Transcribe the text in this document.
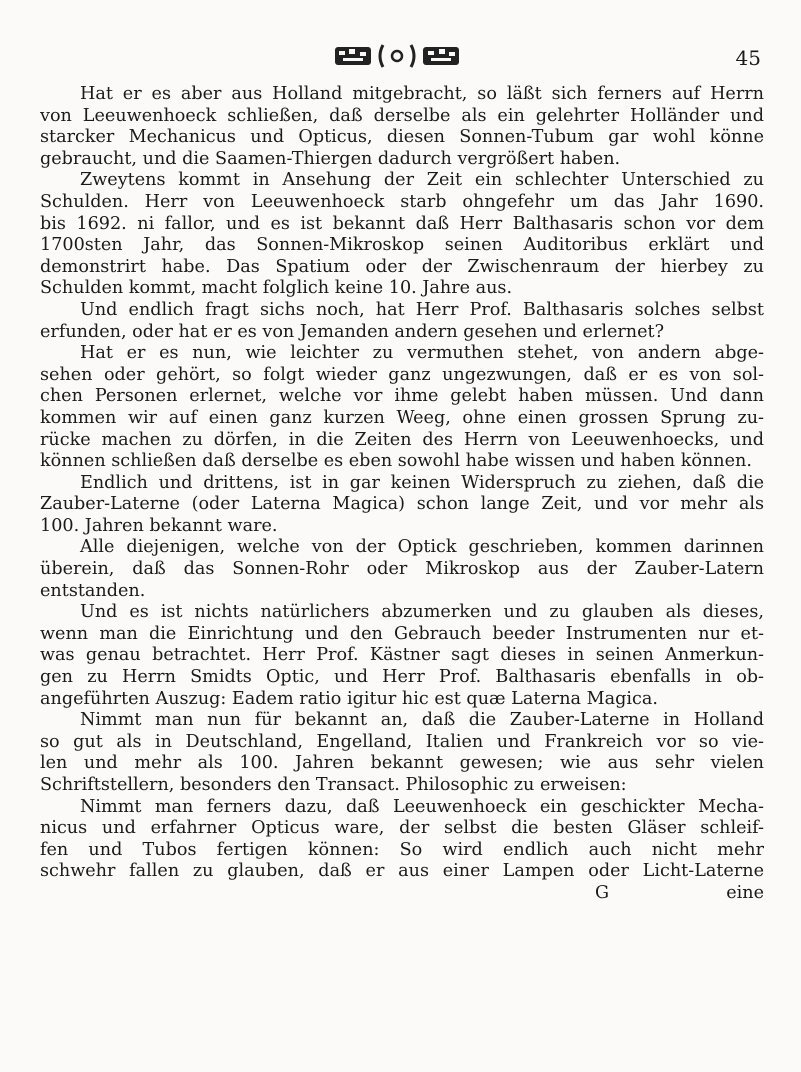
45

Hat er es aber aus Holland mitgebracht, so läßt sich ferners auf Herrn
von Leeuwenhoeck schließen, daß derselbe als ein gelehrter Holländer und
starcker Mechanicus und Opticus, diesen Sonnen-Tubum gar wohl könne
gebraucht, und die Saamen-Thiergen dadurch vergrößert haben.

Zweytens kommt in Ansehung der Zeit ein schlechter Unterschied zu
Schulden. Herr von Leeuwenhoeck starb ohngefehr um das Jahr 1690.
bis 1692. ni fallor, und es ist bekannt daß Herr Balthasaris schon vor dem
1700sten Jahr, das Sonnen-Mikroskop seinen Auditoribus erklärt und
demonstrirt habe. Das Spatium oder der Zwischenraum der hierbey zu
Schulden kommt, macht folglich keine 10. Jahre aus.

Und endlich fragt sichs noch, hat Herr Prof. Balthasaris solches selbst
erfunden, oder hat er es von Jemanden andern gesehen und erlernet?

Hat er es nun, wie leichter zu vermuthen stehet, von andern abge-
sehen oder gehört, so folgt wieder ganz ungezwungen, daß er es von sol-
chen Personen erlernet, welche vor ihme gelebt haben müssen. Und dann
kommen wir auf einen ganz kurzen Weeg, ohne einen grossen Sprung zu-
rücke machen zu dörfen, in die Zeiten des Herrn von Leeuwenhoecks, und
können schließen daß derselbe es eben sowohl habe wissen und haben können.

Endlich und drittens, ist in gar keinen Widerspruch zu ziehen, daß die
Zauber-Laterne (oder Laterna Magica) schon lange Zeit, und vor mehr als
100. Jahren bekannt ware.

Alle diejenigen, welche von der Optick geschrieben, kommen darinnen
überein, daß das Sonnen-Rohr oder Mikroskop aus der Zauber-Latern
entstanden.

Und es ist nichts natürlichers abzumerken und zu glauben als dieses,
wenn man die Einrichtung und den Gebrauch beeder Instrumenten nur et-
was genau betrachtet. Herr Prof. Kästner sagt dieses in seinen Anmerkun-
gen zu Herrn Smidts Optic, und Herr Prof. Balthasaris ebenfalls in ob-
angeführten Auszug: Eadem ratio igitur hic est quæ Laterna Magica.

Nimmt man nun für bekannt an, daß die Zauber-Laterne in Holland
so gut als in Deutschland, Engelland, Italien und Frankreich vor so vie-
len und mehr als 100. Jahren bekannt gewesen; wie aus sehr vielen
Schriftstellern, besonders den Transact. Philosophic zu erweisen:

Nimmt man ferners dazu, daß Leeuwenhoeck ein geschickter Mecha-
nicus und erfahrner Opticus ware, der selbst die besten Gläser schleif-
fen und Tubos fertigen können: So wird endlich auch nicht mehr
schwehr fallen zu glauben, daß er aus einer Lampen oder Licht-Laterne

G	eine
